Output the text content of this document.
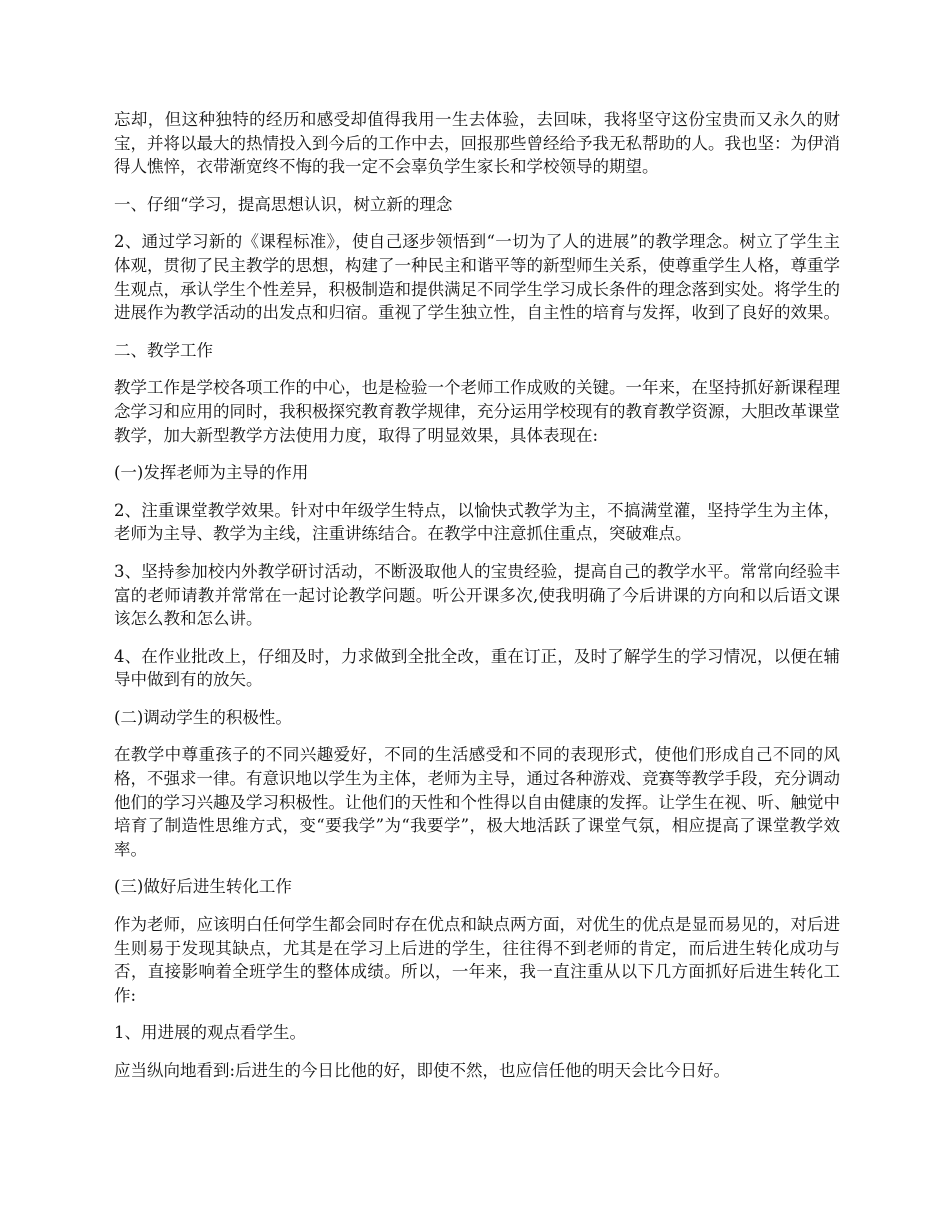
忘却，但这种独特的经历和感受却值得我用一生去体验，去回味，我将坚守这份宝贵而又永久的财宝，并将以最大的热情投入到今后的工作中去，回报那些曾经给予我无私帮助的人。我也坚：为伊消得人憔悴，衣带渐宽终不悔的我一定不会辜负学生家长和学校领导的期望。

一、仔细“学习，提高思想认识，树立新的理念

2、通过学习新的《课程标准》，使自己逐步领悟到“一切为了人的进展”的教学理念。树立了学生主体观，贯彻了民主教学的思想，构建了一种民主和谐平等的新型师生关系，使尊重学生人格，尊重学生观点，承认学生个性差异，积极制造和提供满足不同学生学习成长条件的理念落到实处。将学生的进展作为教学活动的出发点和归宿。重视了学生独立性，自主性的培育与发挥，收到了良好的效果。

二、教学工作

教学工作是学校各项工作的中心，也是检验一个老师工作成败的关键。一年来，在坚持抓好新课程理念学习和应用的同时，我积极探究教育教学规律，充分运用学校现有的教育教学资源，大胆改革课堂教学，加大新型教学方法使用力度，取得了明显效果，具体表现在:

(一)发挥老师为主导的作用

2、注重课堂教学效果。针对中年级学生特点，以愉快式教学为主，不搞满堂灌，坚持学生为主体，老师为主导、教学为主线，注重讲练结合。在教学中注意抓住重点，突破难点。

3、坚持参加校内外教学研讨活动，不断汲取他人的宝贵经验，提高自己的教学水平。常常向经验丰富的老师请教并常常在一起讨论教学问题。听公开课多次,使我明确了今后讲课的方向和以后语文课该怎么教和怎么讲。

4、在作业批改上，仔细及时，力求做到全批全改，重在订正，及时了解学生的学习情况，以便在辅导中做到有的放矢。

(二)调动学生的积极性。

在教学中尊重孩子的不同兴趣爱好，不同的生活感受和不同的表现形式，使他们形成自己不同的风格，不强求一律。有意识地以学生为主体，老师为主导，通过各种游戏、竞赛等教学手段，充分调动他们的学习兴趣及学习积极性。让他们的天性和个性得以自由健康的发挥。让学生在视、听、触觉中培育了制造性思维方式，变“要我学”为“我要学”，极大地活跃了课堂气氛，相应提高了课堂教学效率。

(三)做好后进生转化工作

作为老师，应该明白任何学生都会同时存在优点和缺点两方面，对优生的优点是显而易见的，对后进生则易于发现其缺点，尤其是在学习上后进的学生，往往得不到老师的肯定，而后进生转化成功与否，直接影响着全班学生的整体成绩。所以，一年来，我一直注重从以下几方面抓好后进生转化工作:

1、用进展的观点看学生。

应当纵向地看到:后进生的今日比他的好，即使不然，也应信任他的明天会比今日好。
